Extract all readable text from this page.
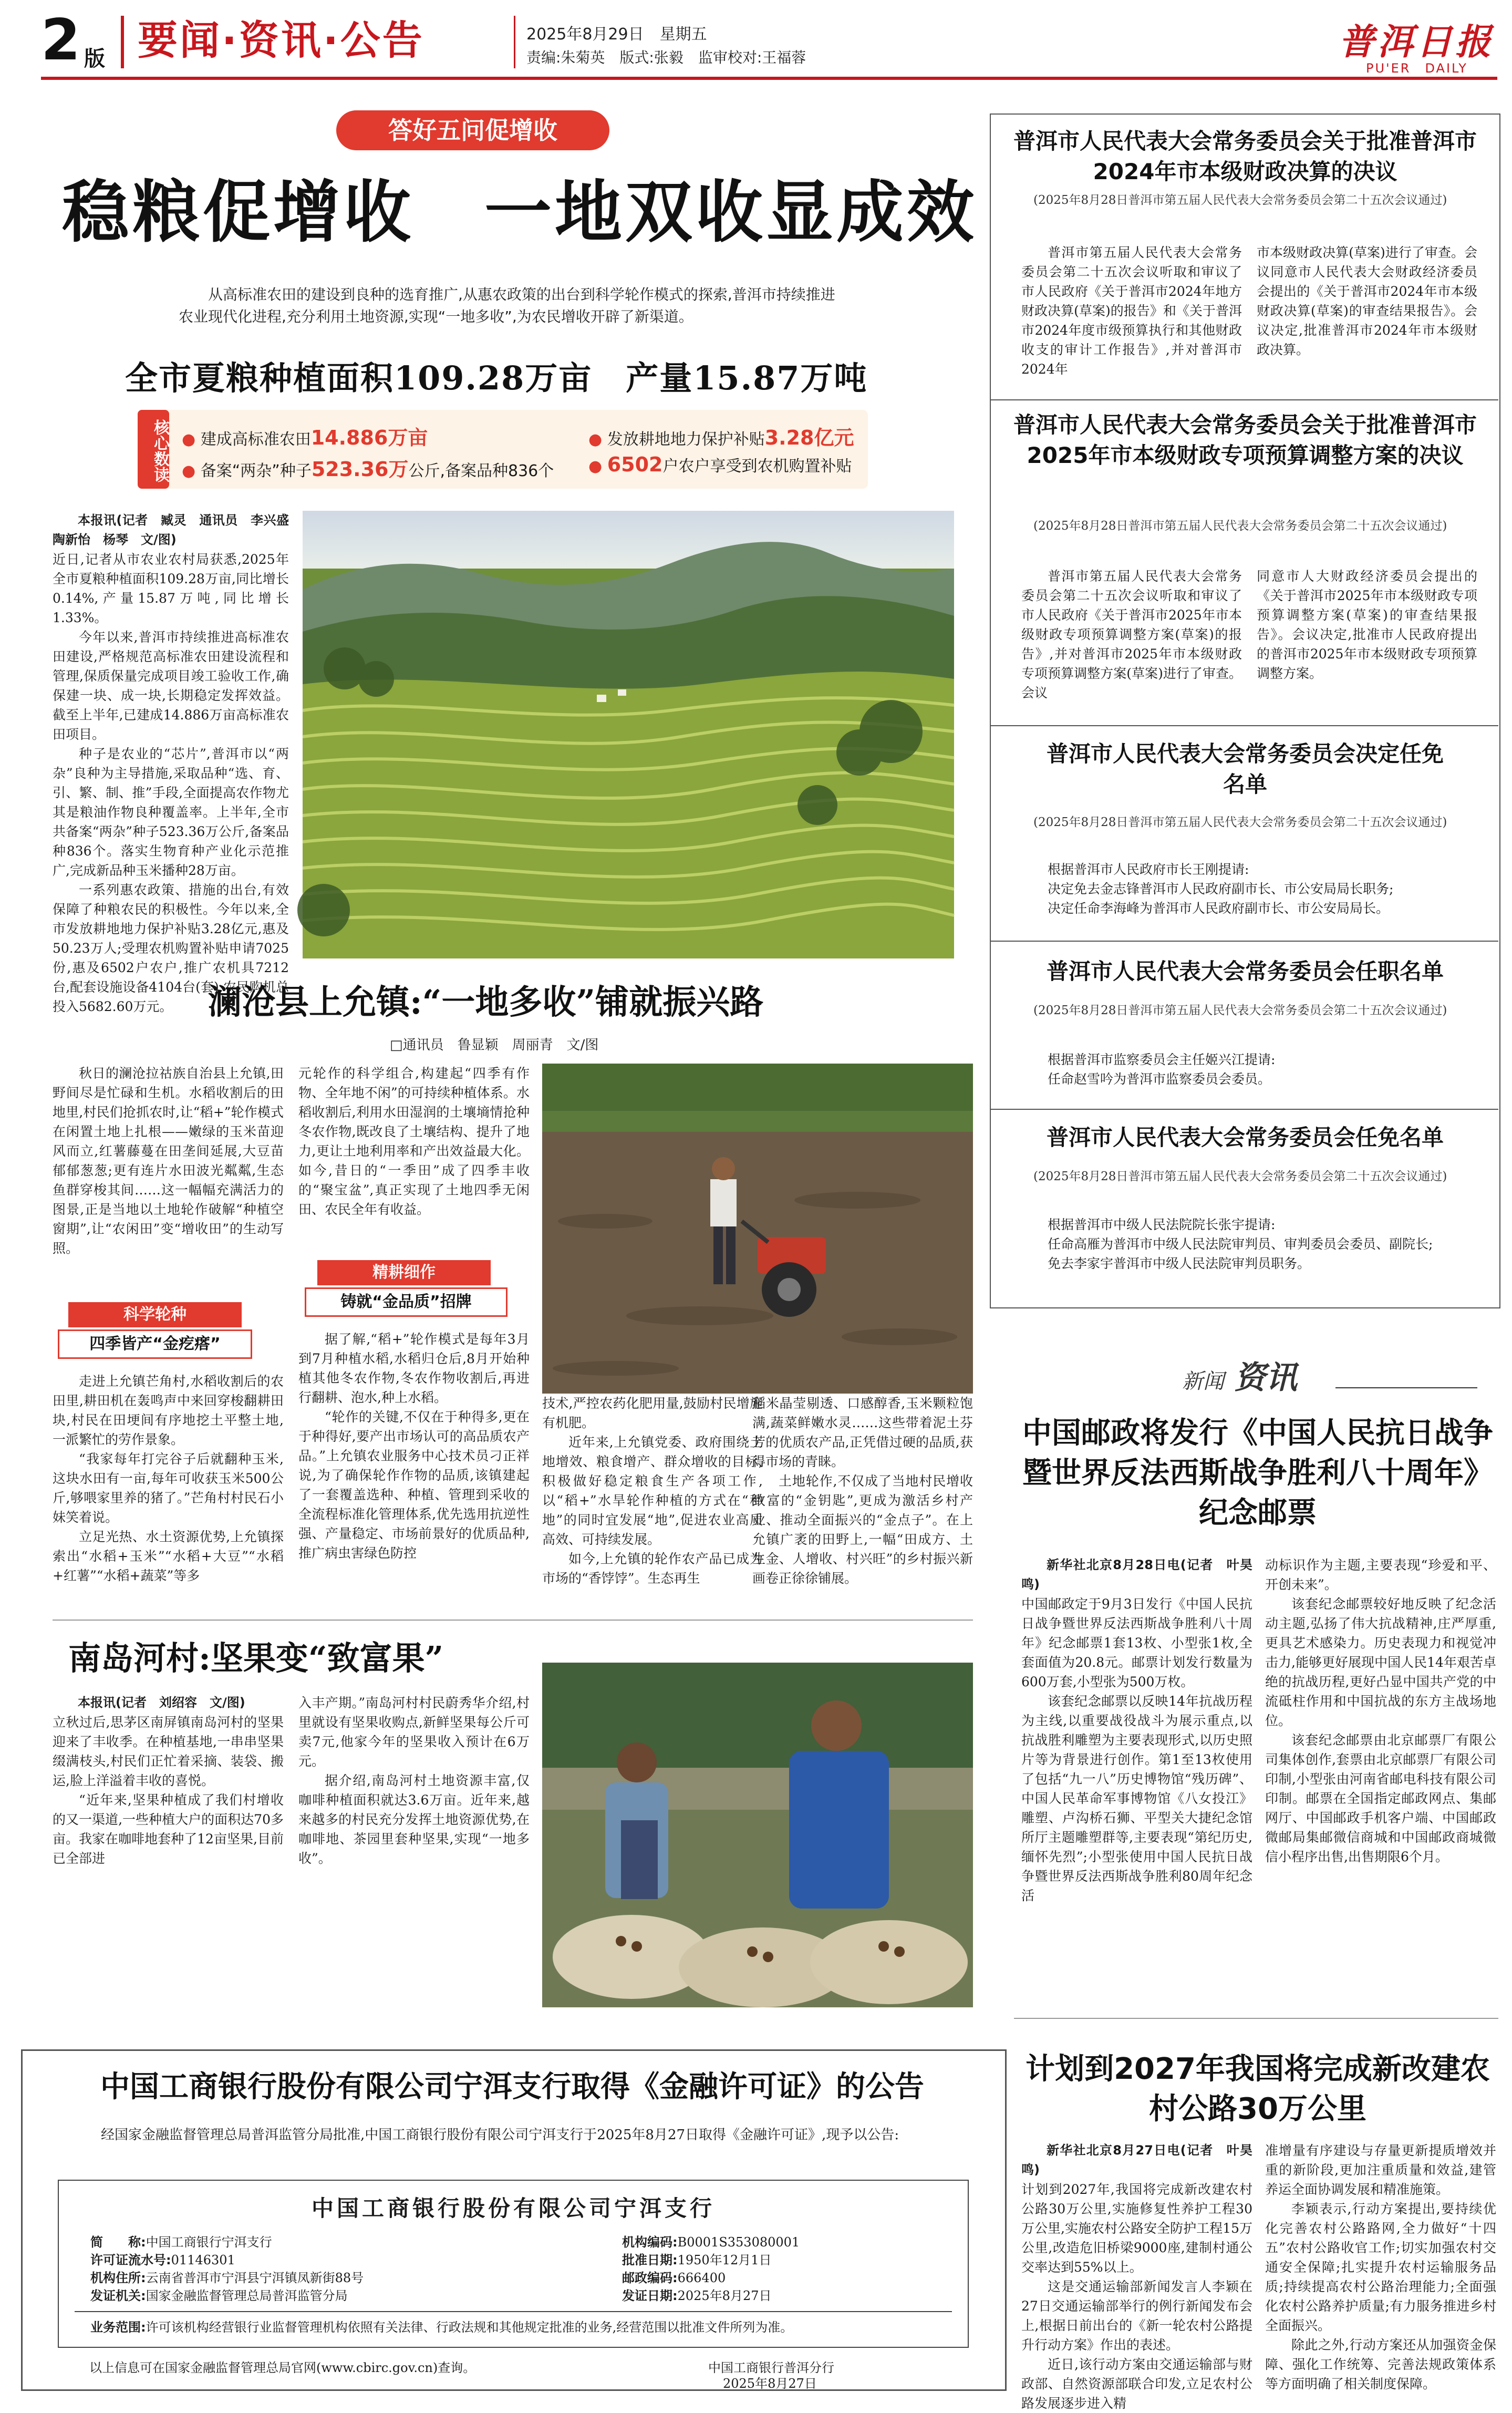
2 版 要闻·资讯·公告	2025年8月29日　星期五
责编:朱菊英　版式:张毅　监审校对:王福蓉	普洱日报
PU'ER　DAILY
答好五问促增收
稳粮促增收　一地双收显成效
从高标准农田的建设到良种的选育推广,从惠农政策的出台到科学轮作模式的探索,普洱市持续推进农业现代化进程,充分利用土地资源,实现“一地多收”,为农民增收开辟了新渠道。
全市夏粮种植面积109.28万亩　产量15.87万吨
核心数读 ● 建成高标准农田14.886万亩
● 备案“两杂”种子523.36万公斤,备案品种836个
● 发放耕地地力保护补贴3.28亿元
● 6502户农户享受到农机购置补贴

本报讯(记者　臧灵　通讯员　李兴盛　陶新怡　杨琴　文/图)

近日,记者从市农业农村局获悉,2025年全市夏粮种植面积109.28万亩,同比增长0.14%,产量15.87万吨,同比增长1.33%。

今年以来,普洱市持续推进高标准农田建设,严格规范高标准农田建设流程和管理,保质保量完成项目竣工验收工作,确保建一块、成一块,长期稳定发挥效益。截至上半年,已建成14.886万亩高标准农田项目。

种子是农业的“芯片”,普洱市以“两杂”良种为主导措施,采取品种“选、育、引、繁、制、推”手段,全面提高农作物尤其是粮油作物良种覆盖率。上半年,全市共备案“两杂”种子523.36万公斤,备案品种836个。落实生物育种产业化示范推广,完成新品种玉米播种28万亩。

一系列惠农政策、措施的出台,有效保障了种粮农民的积极性。今年以来,全市发放耕地地力保护补贴3.28亿元,惠及50.23万人;受理农机购置补贴申请7025份,惠及6502户农户,推广农机具7212台,配套设施设备4104台(套),农民购机总投入5682.60万元。	澜沧县上允镇:“一地多收”铺就振兴路
□通讯员　鲁显颖　周丽青　文/图

秋日的澜沧拉祜族自治县上允镇,田野间尽是忙碌和生机。水稻收割后的田地里,村民们抢抓农时,让“稻+”轮作模式在闲置土地上扎根——嫩绿的玉米苗迎风而立,红薯藤蔓在田垄间延展,大豆苗郁郁葱葱;更有连片水田波光粼粼,生态鱼群穿梭其间……这一幅幅充满活力的图景,正是当地以土地轮作破解“种植空窗期”,让“农闲田”变“增收田”的生动写照。

科学轮种
四季皆产“金疙瘩”

走进上允镇芒角村,水稻收割后的农田里,耕田机在轰鸣声中来回穿梭翻耕田块,村民在田埂间有序地挖土平整土地,一派繁忙的劳作景象。

“我家每年打完谷子后就翻种玉米,这块水田有一亩,每年可收获玉米500公斤,够喂家里养的猪了。”芒角村村民石小妹笑着说。

立足光热、水土资源优势,上允镇探索出“水稻+玉米”“水稻+大豆”“水稻+红薯”“水稻+蔬菜”等多

元轮作的科学组合,构建起“四季有作物、全年地不闲”的可持续种植体系。水稻收割后,利用水田湿润的土壤墒情抢种冬农作物,既改良了土壤结构、提升了地力,更让土地利用率和产出效益最大化。如今,昔日的“一季田”成了四季丰收的“聚宝盆”,真正实现了土地四季无闲田、农民全年有收益。

精耕细作
铸就“金品质”招牌

据了解,“稻+”轮作模式是每年3月到7月种植水稻,水稻归仓后,8月开始种植其他冬农作物,冬农作物收割后,再进行翻耕、泡水,种上水稻。

“轮作的关键,不仅在于种得多,更在于种得好,要产出市场认可的高品质农产品。”上允镇农业服务中心技术员刁正祥说,为了确保轮作作物的品质,该镇建起了一套覆盖选种、种植、管理到采收的全流程标准化管理体系,优先选用抗逆性强、产量稳定、市场前景好的优质品种,推广病虫害绿色防控

技术,严控农药化肥用量,鼓励村民增施有机肥。

近年来,上允镇党委、政府围绕土地增效、粮食增产、群众增收的目标,积极做好稳定粮食生产各项工作,以“稻+”水旱轮作种植的方式在“种地”的同时宜发展“地”,促进农业高质高效、可持续发展。

如今,上允镇的轮作农产品已成为市场的“香饽饽”。生态再生

稻米晶莹剔透、口感醇香,玉米颗粒饱满,蔬菜鲜嫩水灵……这些带着泥土芬芳的优质农产品,正凭借过硬的品质,获得市场的青睐。

土地轮作,不仅成了当地村民增收致富的“金钥匙”,更成为激活乡村产业、推动全面振兴的“金点子”。在上允镇广袤的田野上,一幅“田成方、土生金、人增收、村兴旺”的乡村振兴新画卷正徐徐铺展。

南岛河村:坚果变“致富果”

本报讯(记者　刘绍容　文/图)

立秋过后,思茅区南屏镇南岛河村的坚果迎来了丰收季。在种植基地,一串串坚果缀满枝头,村民们正忙着采摘、装袋、搬运,脸上洋溢着丰收的喜悦。

“近年来,坚果种植成了我们村增收的又一渠道,一些种植大户的面积达70多亩。我家在咖啡地套种了12亩坚果,目前已全部进

入丰产期。”南岛河村村民蔚秀华介绍,村里就设有坚果收购点,新鲜坚果每公斤可卖7元,他家今年的坚果收入预计在6万元。

据介绍,南岛河村土地资源丰富,仅咖啡种植面积就达3.6万亩。近年来,越来越多的村民充分发挥土地资源优势,在咖啡地、茶园里套种坚果,实现“一地多收”。

中国工商银行股份有限公司宁洱支行取得《金融许可证》的公告
经国家金融监督管理总局普洱监管分局批准,中国工商银行股份有限公司宁洱支行于2025年8月27日取得《金融许可证》,现予以公告:
中国工商银行股份有限公司宁洱支行
简　　称:中国工商银行宁洱支行
许可证流水号:01146301
机构住所:云南省普洱市宁洱县宁洱镇凤新街88号
发证机关:国家金融监督管理总局普洱监管分局
机构编码:B0001S353080001
批准日期:1950年12月1日
邮政编码:666400
发证日期:2025年8月27日
业务范围:许可该机构经营银行业监督管理机构依照有关法律、行政法规和其他规定批准的业务,经营范围以批准文件所列为准。
以上信息可在国家金融监督管理总局官网(www.cbirc.gov.cn)查询。	中国工商银行普洱分行
2025年8月27日
普洱市人民代表大会常务委员会关于批准普洱市2024年市本级财政决算的决议
(2025年8月28日普洱市第五届人民代表大会常务委员会第二十五次会议通过)

普洱市第五届人民代表大会常务委员会第二十五次会议听取和审议了市人民政府《关于普洱市2024年地方财政决算(草案)的报告》和《关于普洱市2024年度市级预算执行和其他财政收支的审计工作报告》,并对普洱市2024年

市本级财政决算(草案)进行了审查。会议同意市人民代表大会财政经济委员会提出的《关于普洱市2024年市本级财政决算(草案)的审查结果报告》。会议决定,批准普洱市2024年市本级财政决算。

普洱市人民代表大会常务委员会关于批准普洱市2025年市本级财政专项预算调整方案的决议
(2025年8月28日普洱市第五届人民代表大会常务委员会第二十五次会议通过)

普洱市第五届人民代表大会常务委员会第二十五次会议听取和审议了市人民政府《关于普洱市2025年市本级财政专项预算调整方案(草案)的报告》,并对普洱市2025年市本级财政专项预算调整方案(草案)进行了审查。会议

同意市人大财政经济委员会提出的《关于普洱市2025年市本级财政专项预算调整方案(草案)的审查结果报告》。会议决定,批准市人民政府提出的普洱市2025年市本级财政专项预算调整方案。

普洱市人民代表大会常务委员会决定任免名单
(2025年8月28日普洱市第五届人民代表大会常务委员会第二十五次会议通过)

根据普洱市人民政府市长王刚提请:

决定免去金志锋普洱市人民政府副市长、市公安局局长职务;

决定任命李海峰为普洱市人民政府副市长、市公安局局长。

普洱市人民代表大会常务委员会任职名单
(2025年8月28日普洱市第五届人民代表大会常务委员会第二十五次会议通过)

根据普洱市监察委员会主任姬兴江提请:

任命赵雪吟为普洱市监察委员会委员。

普洱市人民代表大会常务委员会任免名单
(2025年8月28日普洱市第五届人民代表大会常务委员会第二十五次会议通过)

根据普洱市中级人民法院院长张宇提请:

任命高雁为普洱市中级人民法院审判员、审判委员会委员、副院长;

免去李家宇普洱市中级人民法院审判员职务。

新闻 资讯
中国邮政将发行《中国人民抗日战争暨世界反法西斯战争胜利八十周年》纪念邮票

新华社北京8月28日电(记者　叶昊鸣)

中国邮政定于9月3日发行《中国人民抗日战争暨世界反法西斯战争胜利八十周年》纪念邮票1套13枚、小型张1枚,全套面值为20.8元。邮票计划发行数量为600万套,小型张为500万枚。

该套纪念邮票以反映14年抗战历程为主线,以重要战役战斗为展示重点,以抗战胜利雕塑为主要表现形式,以历史照片等为背景进行创作。第1至13枚使用了包括“九一八”历史博物馆“残历碑”、中国人民革命军事博物馆《八女投江》雕塑、卢沟桥石狮、平型关大捷纪念馆所厅主题雕塑群等,主要表现“第纪历史,缅怀先烈”;小型张使用中国人民抗日战争暨世界反法西斯战争胜利80周年纪念活

动标识作为主题,主要表现“珍爱和平、开创未来”。

该套纪念邮票较好地反映了纪念活动主题,弘扬了伟大抗战精神,庄严厚重,更具艺术感染力。历史表现力和视觉冲击力,能够更好展现中国人民14年艰苦卓绝的抗战历程,更好凸显中国共产党的中流砥柱作用和中国抗战的东方主战场地位。

该套纪念邮票由北京邮票厂有限公司集体创作,套票由北京邮票厂有限公司印制,小型张由河南省邮电科技有限公司印制。邮票在全国指定邮政网点、集邮网厅、中国邮政手机客户端、中国邮政微邮局集邮微信商城和中国邮政商城微信小程序出售,出售期限6个月。

计划到2027年我国将完成新改建农村公路30万公里

新华社北京8月27日电(记者　叶昊鸣)

计划到2027年,我国将完成新改建农村公路30万公里,实施修复性养护工程30万公里,实施农村公路安全防护工程15万公里,改造危旧桥梁9000座,建制村通公交率达到55%以上。

这是交通运输部新闻发言人李颖在27日交通运输部举行的例行新闻发布会上,根据日前出台的《新一轮农村公路提升行动方案》作出的表述。

近日,该行动方案由交通运输部与财政部、自然资源部联合印发,立足农村公路发展逐步进入精

准增量有序建设与存量更新提质增效并重的新阶段,更加注重质量和效益,建管养运全面协调发展和精准施策。

李颖表示,行动方案提出,要持续优化完善农村公路路网,全力做好“十四五”农村公路收官工作;切实加强农村交通安全保障;扎实提升农村运输服务品质;持续提高农村公路治理能力;全面强化农村公路养护质量;有力服务推进乡村全面振兴。

除此之外,行动方案还从加强资金保障、强化工作统筹、完善法规政策体系等方面明确了相关制度保障。
